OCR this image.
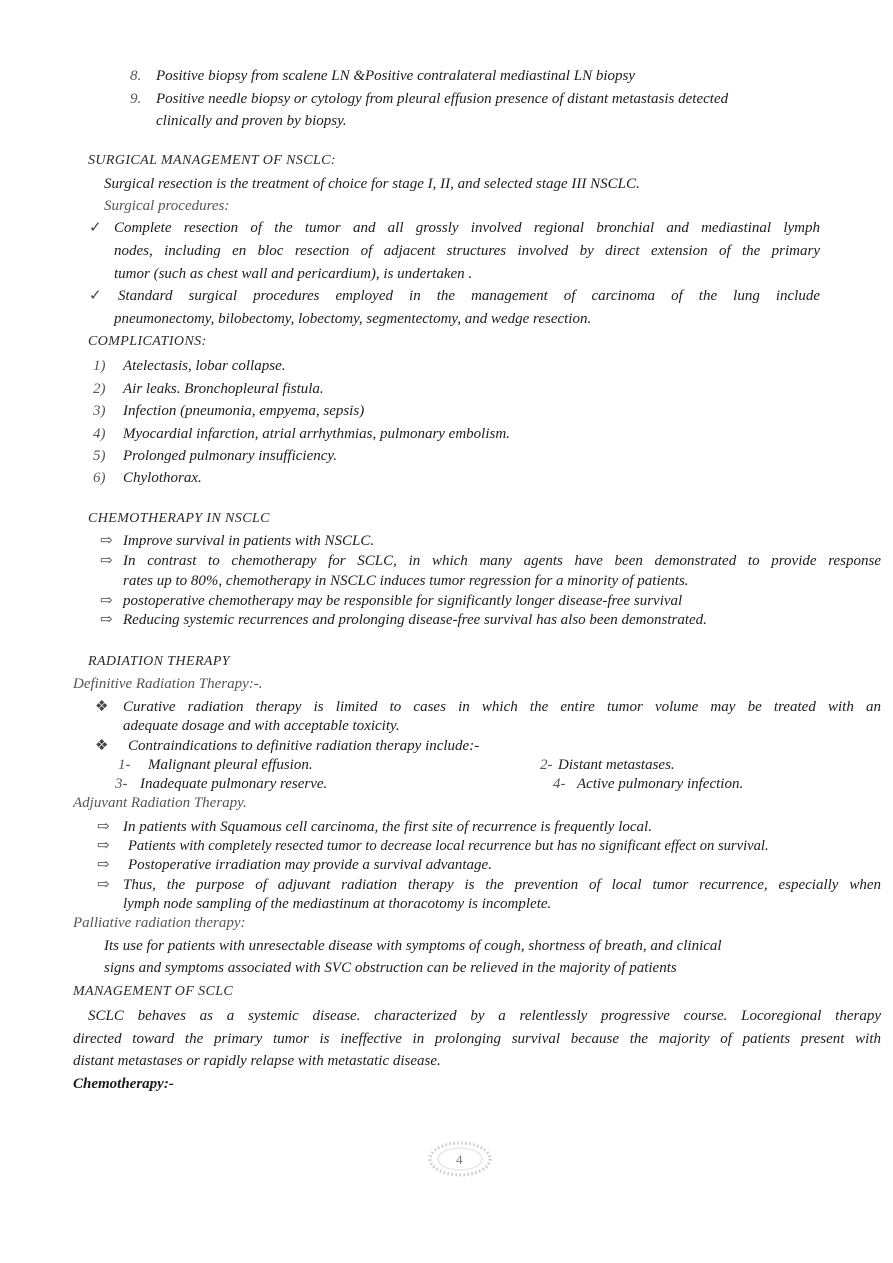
8. Positive biopsy from scalene LN &Positive contralateral mediastinal LN biopsy
9. Positive needle biopsy or cytology from pleural effusion presence of distant metastasis detected
clinically and proven by biopsy.
SURGICAL MANAGEMENT OF NSCLC:
Surgical resection is the treatment of choice for stage I, II, and selected stage III NSCLC.
Surgical procedures:
✓ Complete resection of the tumor and all grossly involved regional bronchial and mediastinal lymph
nodes, including en bloc resection of adjacent structures involved by direct extension of the primary
tumor (such as chest wall and pericardium), is undertaken .
✓ Standard surgical procedures employed in the management of carcinoma of the lung include
pneumonectomy, bilobectomy, lobectomy, segmentectomy, and wedge resection.
COMPLICATIONS:
1) Atelectasis, lobar collapse.
2) Air leaks. Bronchopleural fistula.
3) Infection (pneumonia, empyema, sepsis)
4) Myocardial infarction, atrial arrhythmias, pulmonary embolism.
5) Prolonged pulmonary insufficiency.
6) Chylothorax.
CHEMOTHERAPY IN NSCLC
⇨ Improve survival in patients with NSCLC.
⇨ In contrast to chemotherapy for SCLC, in which many agents have been demonstrated to provide response
rates up to 80%, chemotherapy in NSCLC induces tumor regression for a minority of patients.
⇨ postoperative chemotherapy may be responsible for significantly longer disease-free survival
⇨ Reducing systemic recurrences and prolonging disease-free survival has also been demonstrated.
RADIATION THERAPY
Definitive Radiation Therapy:-.
❖ Curative radiation therapy is limited to cases in which the entire tumor volume may be treated with an
adequate dosage and with acceptable toxicity.
❖ Contraindications to definitive radiation therapy include:-
1- Malignant pleural effusion.	2- Distant metastases.
3- Inadequate pulmonary reserve.	4- Active pulmonary infection.
Adjuvant Radiation Therapy.
⇨ In patients with Squamous cell carcinoma, the first site of recurrence is frequently local.
⇨ Patients with completely resected tumor to decrease local recurrence but has no significant effect on survival.
⇨ Postoperative irradiation may provide a survival advantage.
⇨ Thus, the purpose of adjuvant radiation therapy is the prevention of local tumor recurrence, especially when
lymph node sampling of the mediastinum at thoracotomy is incomplete.
Palliative radiation therapy:
Its use for patients with unresectable disease with symptoms of cough, shortness of breath, and clinical
signs and symptoms associated with SVC obstruction can be relieved in the majority of patients
MANAGEMENT OF SCLC
SCLC behaves as a systemic disease. characterized by a relentlessly progressive course. Locoregional therapy
directed toward the primary tumor is ineffective in prolonging survival because the majority of patients present with
distant metastases or rapidly relapse with metastatic disease.
Chemotherapy:-
4
